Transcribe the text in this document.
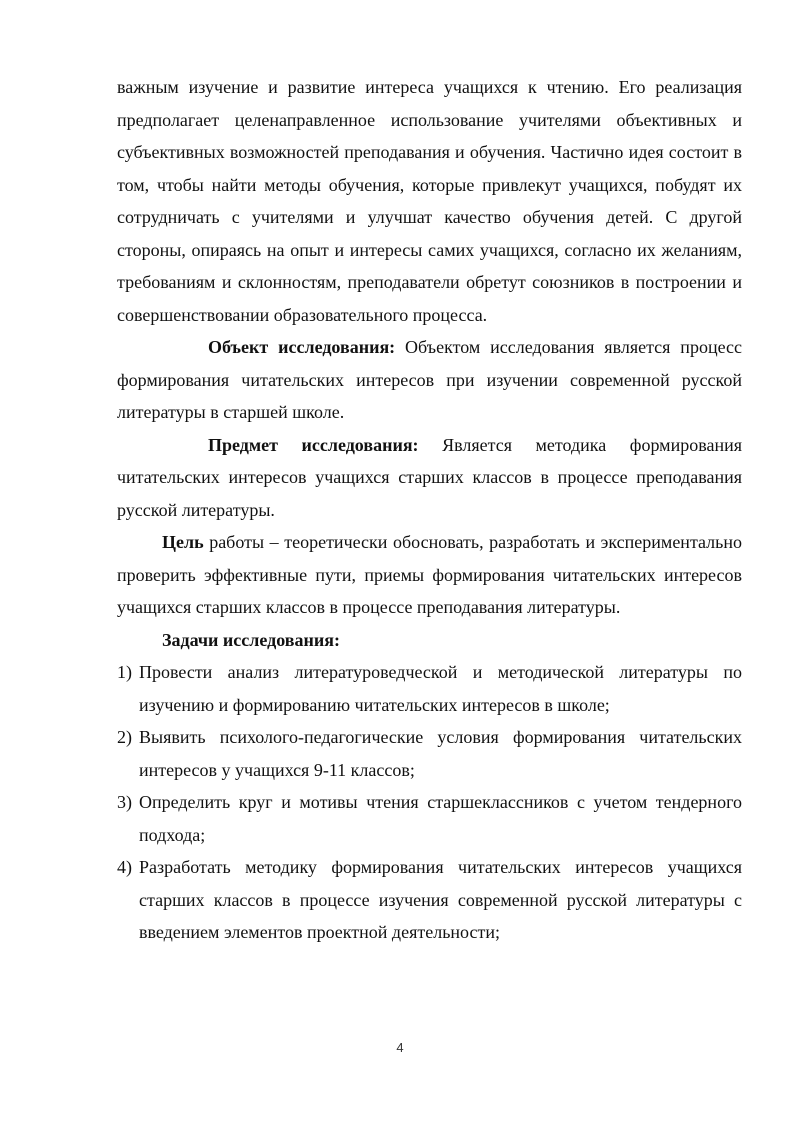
важным изучение и развитие интереса учащихся к чтению. Его реализация предполагает целенаправленное использование учителями объективных и субъективных возможностей преподавания и обучения. Частично идея состоит в том, чтобы найти методы обучения, которые привлекут учащихся, побудят их сотрудничать с учителями и улучшат качество обучения детей. С другой стороны, опираясь на опыт и интересы самих учащихся, согласно их желаниям, требованиям и склонностям, преподаватели обретут союзников в построении и совершенствовании образовательного процесса.

Объект исследования: Объектом исследования является процесс формирования читательских интересов при изучении современной русской литературы в старшей школе.

Предмет исследования: Является методика формирования читательских интересов учащихся старших классов в процессе преподавания русской литературы.

Цель работы – теоретически обосновать, разработать и экспериментально проверить эффективные пути, приемы формирования читательских интересов учащихся старших классов в процессе преподавания литературы.

Задачи исследования:

1) Провести анализ литературоведческой и методической литературы по изучению и формированию читательских интересов в школе;
2) Выявить психолого-педагогические условия формирования читательских интересов у учащихся 9-11 классов;
3) Определить круг и мотивы чтения старшеклассников с учетом тендерного подхода;
4) Разработать методику формирования читательских интересов учащихся старших классов в процессе изучения современной русской литературы с введением элементов проектной деятельности;
4
